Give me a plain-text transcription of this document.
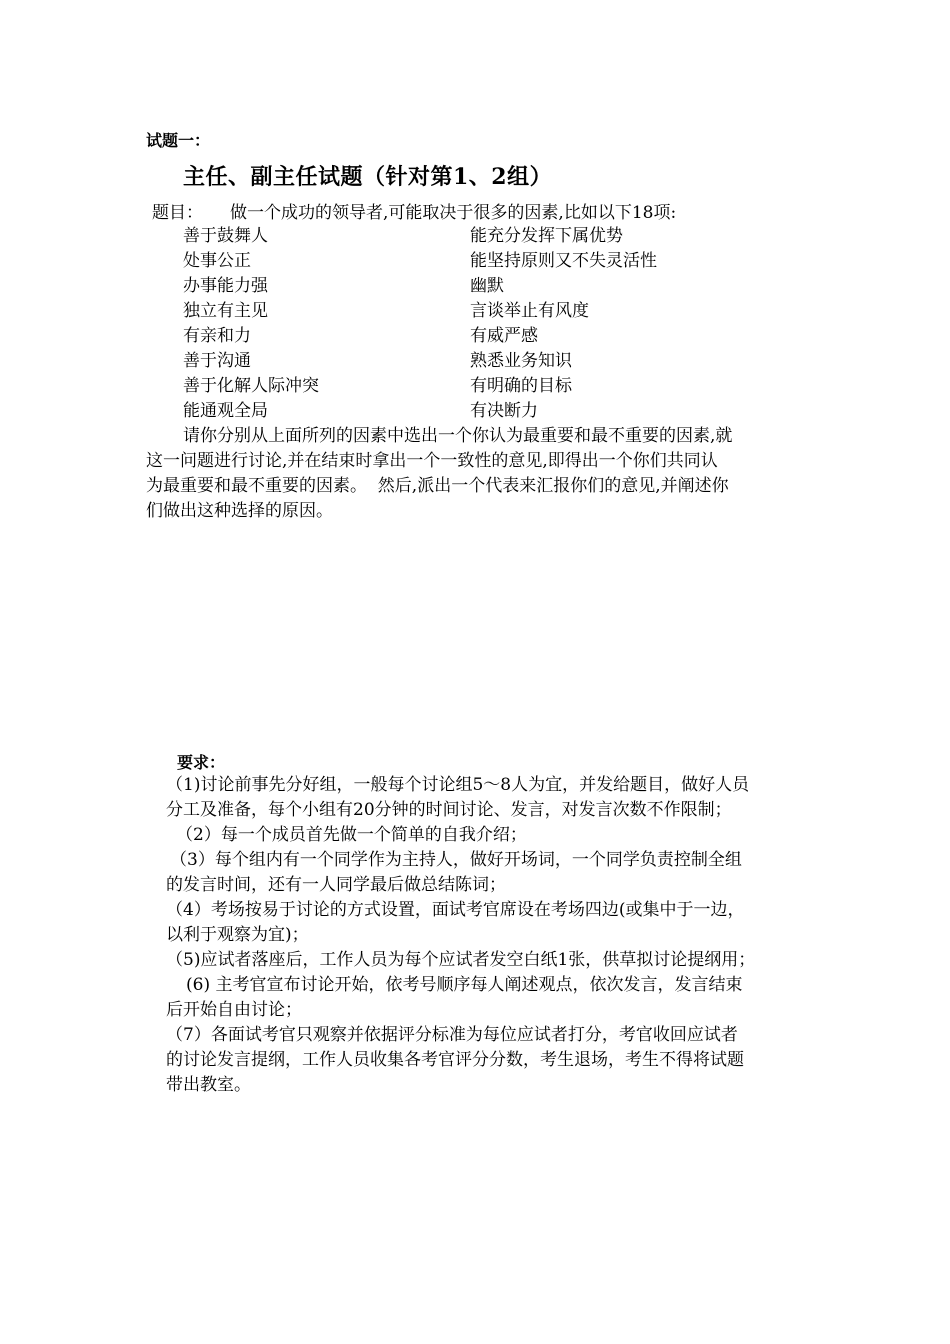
试题一：
主任、副主任试题（针对第1、2组）
题目：     做一个成功的领导者,可能取决于很多的因素,比如以下18项:
善于鼓舞人
处事公正
办事能力强
独立有主见
有亲和力
善于沟通
善于化解人际冲突
能通观全局
能充分发挥下属优势
能坚持原则又不失灵活性
幽默
言谈举止有风度
有威严感
熟悉业务知识
有明确的目标
有决断力
请你分别从上面所列的因素中选出一个你认为最重要和最不重要的因素,就
这一问题进行讨论,并在结束时拿出一个一致性的意见,即得出一个你们共同认
为最重要和最不重要的因素。  然后,派出一个代表来汇报你们的意见,并阐述你
们做出这种选择的原因。
要求：
（1)讨论前事先分好组，一般每个讨论组5～8人为宜，并发给题目，做好人员
分工及准备，每个小组有20分钟的时间讨论、发言，对发言次数不作限制；
（2）每一个成员首先做一个简单的自我介绍；
（3）每个组内有一个同学作为主持人，做好开场词，一个同学负责控制全组
的发言时间，还有一人同学最后做总结陈词；
（4）考场按易于讨论的方式设置，面试考官席设在考场四边(或集中于一边，
以利于观察为宜)；
（5)应试者落座后，工作人员为每个应试者发空白纸1张，供草拟讨论提纲用；
(6) 主考官宣布讨论开始，依考号顺序每人阐述观点，依次发言，发言结束
后开始自由讨论；
（7）各面试考官只观察并依据评分标准为每位应试者打分，考官收回应试者
的讨论发言提纲，工作人员收集各考官评分分数，考生退场，考生不得将试题
带出教室。
